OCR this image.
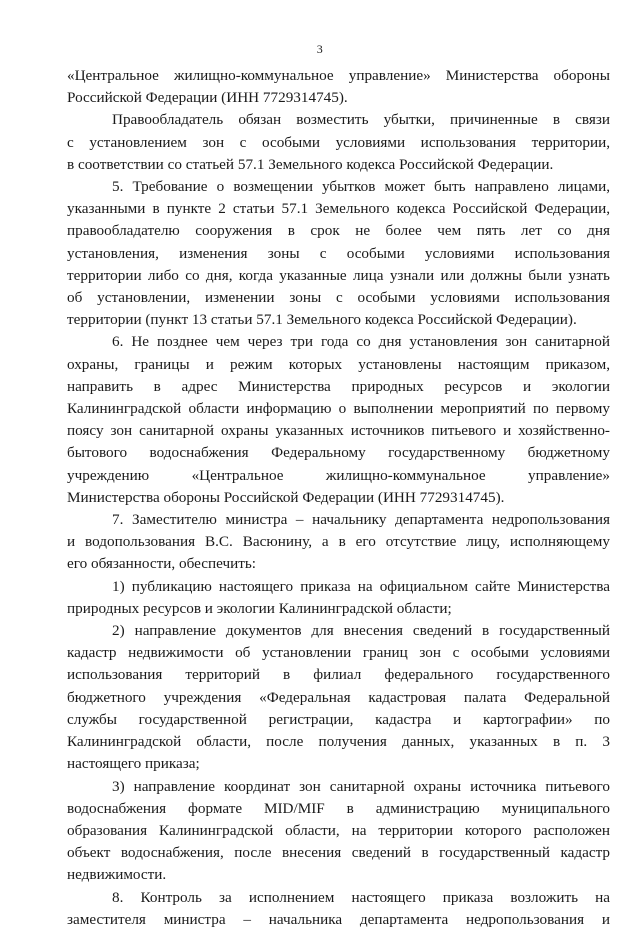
3
«Центральное жилищно-коммунальное управление» Министерства обороны
Российской Федерации (ИНН 7729314745).
Правообладатель обязан возместить убытки, причиненные в связи
с установлением зон с особыми условиями использования территории,
в соответствии со статьей 57.1 Земельного кодекса Российской Федерации.
5. Требование о возмещении убытков может быть направлено лицами,
указанными в пункте 2 статьи 57.1 Земельного кодекса Российской Федерации,
правообладателю сооружения в срок не более чем пять лет со дня
установления, изменения зоны с особыми условиями использования
территории либо со дня, когда указанные лица узнали или должны были узнать
об установлении, изменении зоны с особыми условиями использования
территории (пункт 13 статьи 57.1 Земельного кодекса Российской Федерации).
6. Не позднее чем через три года со дня установления зон санитарной
охраны, границы и режим которых установлены настоящим приказом,
направить в адрес Министерства природных ресурсов и экологии
Калининградской области информацию о выполнении мероприятий по первому
поясу зон санитарной охраны указанных источников питьевого и хозяйственно-
бытового водоснабжения Федеральному государственному бюджетному
учреждению «Центральное жилищно-коммунальное управление»
Министерства обороны Российской Федерации (ИНН 7729314745).
7. Заместителю министра – начальнику департамента недропользования
и водопользования В.С. Васюнину, а в его отсутствие лицу, исполняющему
его обязанности, обеспечить:
1) публикацию настоящего приказа на официальном сайте Министерства
природных ресурсов и экологии Калининградской области;
2) направление документов для внесения сведений в государственный
кадастр недвижимости об установлении границ зон с особыми условиями
использования территорий в филиал федерального государственного
бюджетного учреждения «Федеральная кадастровая палата Федеральной
службы государственной регистрации, кадастра и картографии» по
Калининградской области, после получения данных, указанных в п. 3
настоящего приказа;
3) направление координат зон санитарной охраны источника питьевого
водоснабжения формате MID/MIF в администрацию муниципального
образования Калининградской области, на территории которого расположен
объект водоснабжения, после внесения сведений в государственный кадастр
недвижимости.
8. Контроль за исполнением настоящего приказа возложить на
заместителя министра – начальника департамента недропользования и
